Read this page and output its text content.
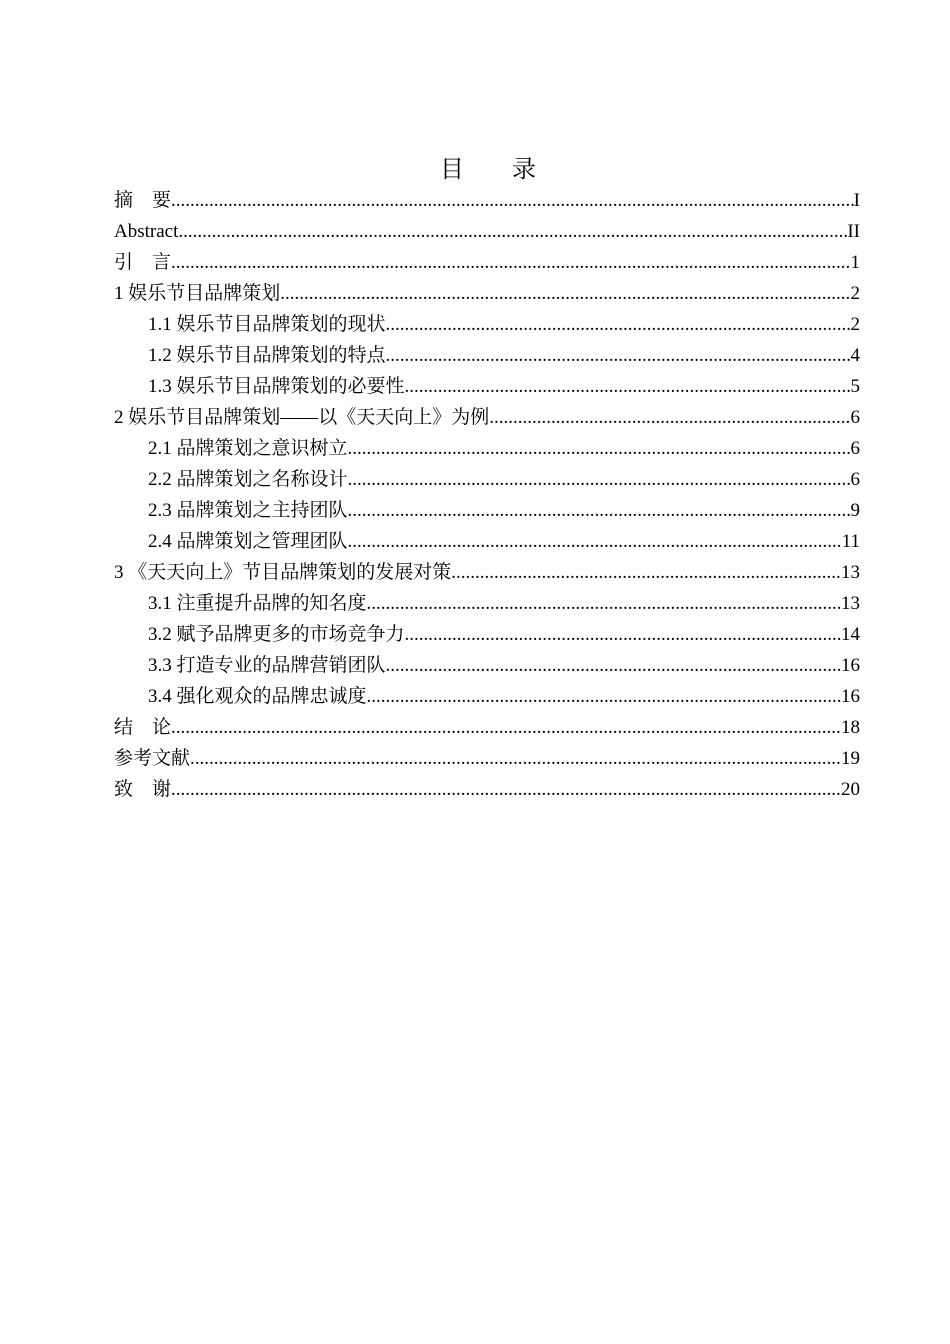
目　　录
摘　要 .....	I
Abstract .....	II
引　言 .....	1
1 娱乐节目品牌策划 .....	2
1.1 娱乐节目品牌策划的现状 .....	2
1.2 娱乐节目品牌策划的特点 .....	4
1.3 娱乐节目品牌策划的必要性 .....	5
2 娱乐节目品牌策划——以《天天向上》为例 .....	6
2.1 品牌策划之意识树立 .....	6
2.2 品牌策划之名称设计 .....	6
2.3 品牌策划之主持团队 .....	9
2.4 品牌策划之管理团队 .....	11
3 《天天向上》节目品牌策划的发展对策 .....	13
3.1 注重提升品牌的知名度 .....	13
3.2 赋予品牌更多的市场竞争力 .....	14
3.3 打造专业的品牌营销团队 .....	16
3.4 强化观众的品牌忠诚度 .....	16
结　论 .....	18
参考文献 .....	19
致　谢 .....	20
